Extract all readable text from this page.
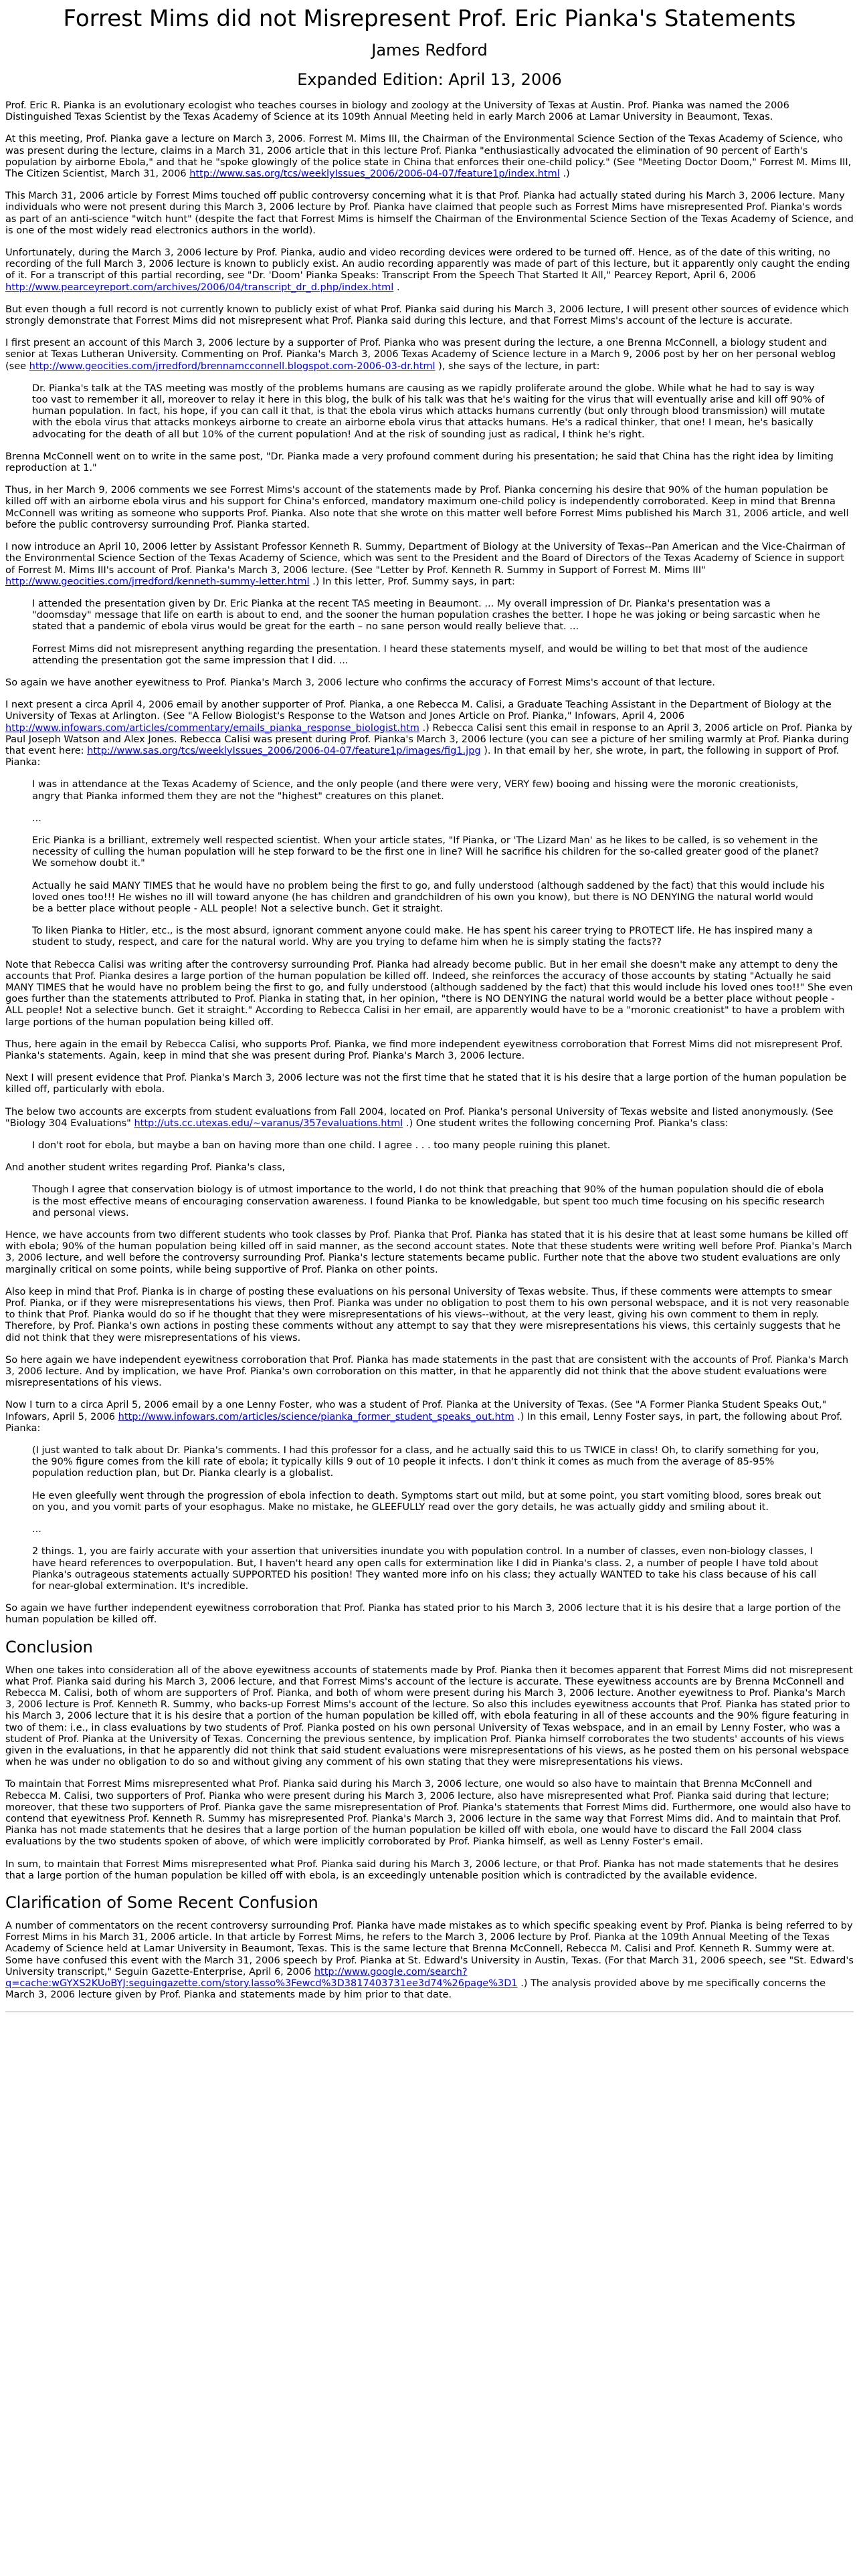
Forrest Mims did not Misrepresent Prof. Eric Pianka's Statements
James Redford
Expanded Edition: April 13, 2006

Prof. Eric R. Pianka is an evolutionary ecologist who teaches courses in biology and zoology at the University of Texas at Austin. Prof. Pianka was named the 2006 Distinguished Texas Scientist by the Texas Academy of Science at its 109th Annual Meeting held in early March 2006 at Lamar University in Beaumont, Texas.

At this meeting, Prof. Pianka gave a lecture on March 3, 2006. Forrest M. Mims III, the Chairman of the Environmental Science Section of the Texas Academy of Science, who was present during the lecture, claims in a March 31, 2006 article that in this lecture Prof. Pianka "enthusiastically advocated the elimination of 90 percent of Earth's population by airborne Ebola," and that he "spoke glowingly of the police state in China that enforces their one-child policy." (See "Meeting Doctor Doom," Forrest M. Mims III, The Citizen Scientist, March 31, 2006 http://www.sas.org/tcs/weeklyIssues_2006/2006-04-07/feature1p/index.html .)

This March 31, 2006 article by Forrest Mims touched off public controversy concerning what it is that Prof. Pianka had actually stated during his March 3, 2006 lecture. Many individuals who were not present during this March 3, 2006 lecture by Prof. Pianka have claimed that people such as Forrest Mims have misrepresented Prof. Pianka's words as part of an anti-science "witch hunt" (despite the fact that Forrest Mims is himself the Chairman of the Environmental Science Section of the Texas Academy of Science, and is one of the most widely read electronics authors in the world).

Unfortunately, during the March 3, 2006 lecture by Prof. Pianka, audio and video recording devices were ordered to be turned off. Hence, as of the date of this writing, no recording of the full March 3, 2006 lecture is known to publicly exist. An audio recording apparently was made of part of this lecture, but it apparently only caught the ending of it. For a transcript of this partial recording, see "Dr. 'Doom' Pianka Speaks: Transcript From the Speech That Started It All," Pearcey Report, April 6, 2006 http://www.pearceyreport.com/archives/2006/04/transcript_dr_d.php/index.html .

But even though a full record is not currently known to publicly exist of what Prof. Pianka said during his March 3, 2006 lecture, I will present other sources of evidence which strongly demonstrate that Forrest Mims did not misrepresent what Prof. Pianka said during this lecture, and that Forrest Mims's account of the lecture is accurate.

I first present an account of this March 3, 2006 lecture by a supporter of Prof. Pianka who was present during the lecture, a one Brenna McConnell, a biology student and senior at Texas Lutheran University. Commenting on Prof. Pianka's March 3, 2006 Texas Academy of Science lecture in a March 9, 2006 post by her on her personal weblog (see http://www.geocities.com/jrredford/brennamcconnell.blogspot.com-2006-03-dr.html ), she says of the lecture, in part:

Dr. Pianka's talk at the TAS meeting was mostly of the problems humans are causing as we rapidly proliferate around the globe. While what he had to say is way too vast to remember it all, moreover to relay it here in this blog, the bulk of his talk was that he's waiting for the virus that will eventually arise and kill off 90% of human population. In fact, his hope, if you can call it that, is that the ebola virus which attacks humans currently (but only through blood transmission) will mutate with the ebola virus that attacks monkeys airborne to create an airborne ebola virus that attacks humans. He's a radical thinker, that one! I mean, he's basically advocating for the death of all but 10% of the current population! And at the risk of sounding just as radical, I think he's right.

Brenna McConnell went on to write in the same post, "Dr. Pianka made a very profound comment during his presentation; he said that China has the right idea by limiting reproduction at 1."

Thus, in her March 9, 2006 comments we see Forrest Mims's account of the statements made by Prof. Pianka concerning his desire that 90% of the human population be killed off with an airborne ebola virus and his support for China's enforced, mandatory maximum one-child policy is independently corroborated. Keep in mind that Brenna McConnell was writing as someone who supports Prof. Pianka. Also note that she wrote on this matter well before Forrest Mims published his March 31, 2006 article, and well before the public controversy surrounding Prof. Pianka started.

I now introduce an April 10, 2006 letter by Assistant Professor Kenneth R. Summy, Department of Biology at the University of Texas--Pan American and the Vice-Chairman of the Environmental Science Section of the Texas Academy of Science, which was sent to the President and the Board of Directors of the Texas Academy of Science in support of Forrest M. Mims III's account of Prof. Pianka's March 3, 2006 lecture. (See "Letter by Prof. Kenneth R. Summy in Support of Forrest M. Mims III" http://www.geocities.com/jrredford/kenneth-summy-letter.html .) In this letter, Prof. Summy says, in part:

I attended the presentation given by Dr. Eric Pianka at the recent TAS meeting in Beaumont. ... My overall impression of Dr. Pianka's presentation was a "doomsday" message that life on earth is about to end, and the sooner the human population crashes the better. I hope he was joking or being sarcastic when he stated that a pandemic of ebola virus would be great for the earth – no sane person would really believe that. ...

Forrest Mims did not misrepresent anything regarding the presentation. I heard these statements myself, and would be willing to bet that most of the audience attending the presentation got the same impression that I did. ...

So again we have another eyewitness to Prof. Pianka's March 3, 2006 lecture who confirms the accuracy of Forrest Mims's account of that lecture.

I next present a circa April 4, 2006 email by another supporter of Prof. Pianka, a one Rebecca M. Calisi, a Graduate Teaching Assistant in the Department of Biology at the University of Texas at Arlington. (See "A Fellow Biologist's Response to the Watson and Jones Article on Prof. Pianka," Infowars, April 4, 2006 http://www.infowars.com/articles/commentary/emails_pianka_response_biologist.htm .) Rebecca Calisi sent this email in response to an April 3, 2006 article on Prof. Pianka by Paul Joseph Watson and Alex Jones. Rebecca Calisi was present during Prof. Pianka's March 3, 2006 lecture (you can see a picture of her smiling warmly at Prof. Pianka during that event here: http://www.sas.org/tcs/weeklyIssues_2006/2006-04-07/feature1p/images/fig1.jpg ). In that email by her, she wrote, in part, the following in support of Prof. Pianka:

I was in attendance at the Texas Academy of Science, and the only people (and there were very, VERY few) booing and hissing were the moronic creationists, angry that Pianka informed them they are not the "highest" creatures on this planet.

...

Eric Pianka is a brilliant, extremely well respected scientist. When your article states, "If Pianka, or 'The Lizard Man' as he likes to be called, is so vehement in the necessity of culling the human population will he step forward to be the first one in line? Will he sacrifice his children for the so-called greater good of the planet? We somehow doubt it."

Actually he said MANY TIMES that he would have no problem being the first to go, and fully understood (although saddened by the fact) that this would include his loved ones too!!! He wishes no ill will toward anyone (he has children and grandchildren of his own you know), but there is NO DENYING the natural world would be a better place without people - ALL people! Not a selective bunch. Get it straight.

To liken Pianka to Hitler, etc., is the most absurd, ignorant comment anyone could make. He has spent his career trying to PROTECT life. He has inspired many a student to study, respect, and care for the natural world. Why are you trying to defame him when he is simply stating the facts??

Note that Rebecca Calisi was writing after the controversy surrounding Prof. Pianka had already become public. But in her email she doesn't make any attempt to deny the accounts that Prof. Pianka desires a large portion of the human population be killed off. Indeed, she reinforces the accuracy of those accounts by stating "Actually he said MANY TIMES that he would have no problem being the first to go, and fully understood (although saddened by the fact) that this would include his loved ones too!!" She even goes further than the statements attributed to Prof. Pianka in stating that, in her opinion, "there is NO DENYING the natural world would be a better place without people - ALL people! Not a selective bunch. Get it straight." According to Rebecca Calisi in her email, are apparently would have to be a "moronic creationist" to have a problem with large portions of the human population being killed off.

Thus, here again in the email by Rebecca Calisi, who supports Prof. Pianka, we find more independent eyewitness corroboration that Forrest Mims did not misrepresent Prof. Pianka's statements. Again, keep in mind that she was present during Prof. Pianka's March 3, 2006 lecture.

Next I will present evidence that Prof. Pianka's March 3, 2006 lecture was not the first time that he stated that it is his desire that a large portion of the human population be killed off, particularly with ebola.

The below two accounts are excerpts from student evaluations from Fall 2004, located on Prof. Pianka's personal University of Texas website and listed anonymously. (See "Biology 304 Evaluations" http://uts.cc.utexas.edu/~varanus/357evaluations.html .) One student writes the following concerning Prof. Pianka's class:

I don't root for ebola, but maybe a ban on having more than one child. I agree . . . too many people ruining this planet.

And another student writes regarding Prof. Pianka's class,

Though I agree that conservation biology is of utmost importance to the world, I do not think that preaching that 90% of the human population should die of ebola is the most effective means of encouraging conservation awareness. I found Pianka to be knowledgable, but spent too much time focusing on his specific research and personal views.

Hence, we have accounts from two different students who took classes by Prof. Pianka that Prof. Pianka has stated that it is his desire that at least some humans be killed off with ebola; 90% of the human population being killed off in said manner, as the second account states. Note that these students were writing well before Prof. Pianka's March 3, 2006 lecture, and well before the controversy surrounding Prof. Pianka's lecture statements became public. Further note that the above two student evaluations are only marginally critical on some points, while being supportive of Prof. Pianka on other points.

Also keep in mind that Prof. Pianka is in charge of posting these evaluations on his personal University of Texas website. Thus, if these comments were attempts to smear Prof. Pianka, or if they were misrepresentations his views, then Prof. Pianka was under no obligation to post them to his own personal webspace, and it is not very reasonable to think that Prof. Pianka would do so if he thought that they were misrepresentations of his views--without, at the very least, giving his own comment to them in reply. Therefore, by Prof. Pianka's own actions in posting these comments without any attempt to say that they were misrepresentations his views, this certainly suggests that he did not think that they were misrepresentations of his views.

So here again we have independent eyewitness corroboration that Prof. Pianka has made statements in the past that are consistent with the accounts of Prof. Pianka's March 3, 2006 lecture. And by implication, we have Prof. Pianka's own corroboration on this matter, in that he apparently did not think that the above student evaluations were misrepresentations of his views.

Now I turn to a circa April 5, 2006 email by a one Lenny Foster, who was a student of Prof. Pianka at the University of Texas. (See "A Former Pianka Student Speaks Out," Infowars, April 5, 2006 http://www.infowars.com/articles/science/pianka_former_student_speaks_out.htm .) In this email, Lenny Foster says, in part, the following about Prof. Pianka:

(I just wanted to talk about Dr. Pianka's comments. I had this professor for a class, and he actually said this to us TWICE in class! Oh, to clarify something for you, the 90% figure comes from the kill rate of ebola; it typically kills 9 out of 10 people it infects. I don't think it comes as much from the average of 85-95% population reduction plan, but Dr. Pianka clearly is a globalist.

He even gleefully went through the progression of ebola infection to death. Symptoms start out mild, but at some point, you start vomiting blood, sores break out on you, and you vomit parts of your esophagus. Make no mistake, he GLEEFULLY read over the gory details, he was actually giddy and smiling about it.

...

2 things. 1, you are fairly accurate with your assertion that universities inundate you with population control. In a number of classes, even non-biology classes, I have heard references to overpopulation. But, I haven't heard any open calls for extermination like I did in Pianka's class. 2, a number of people I have told about Pianka's outrageous statements actually SUPPORTED his position! They wanted more info on his class; they actually WANTED to take his class because of his call for near-global extermination. It's incredible.

So again we have further independent eyewitness corroboration that Prof. Pianka has stated prior to his March 3, 2006 lecture that it is his desire that a large portion of the human population be killed off.

Conclusion

When one takes into consideration all of the above eyewitness accounts of statements made by Prof. Pianka then it becomes apparent that Forrest Mims did not misrepresent what Prof. Pianka said during his March 3, 2006 lecture, and that Forrest Mims's account of the lecture is accurate. These eyewitness accounts are by Brenna McConnell and Rebecca M. Calisi, both of whom are supporters of Prof. Pianka, and both of whom were present during his March 3, 2006 lecture. Another eyewitness to Prof. Pianka's March 3, 2006 lecture is Prof. Kenneth R. Summy, who backs-up Forrest Mims's account of the lecture. So also this includes eyewitness accounts that Prof. Pianka has stated prior to his March 3, 2006 lecture that it is his desire that a portion of the human population be killed off, with ebola featuring in all of these accounts and the 90% figure featuring in two of them: i.e., in class evaluations by two students of Prof. Pianka posted on his own personal University of Texas webspace, and in an email by Lenny Foster, who was a student of Prof. Pianka at the University of Texas. Concerning the previous sentence, by implication Prof. Pianka himself corroborates the two students' accounts of his views given in the evaluations, in that he apparently did not think that said student evaluations were misrepresentations of his views, as he posted them on his personal webspace when he was under no obligation to do so and without giving any comment of his own stating that they were misrepresentations his views.

To maintain that Forrest Mims misrepresented what Prof. Pianka said during his March 3, 2006 lecture, one would so also have to maintain that Brenna McConnell and Rebecca M. Calisi, two supporters of Prof. Pianka who were present during his March 3, 2006 lecture, also have misrepresented what Prof. Pianka said during that lecture; moreover, that these two supporters of Prof. Pianka gave the same misrepresentation of Prof. Pianka's statements that Forrest Mims did. Furthermore, one would also have to contend that eyewitness Prof. Kenneth R. Summy has misrepresented Prof. Pianka's March 3, 2006 lecture in the same way that Forrest Mims did. And to maintain that Prof. Pianka has not made statements that he desires that a large portion of the human population be killed off with ebola, one would have to discard the Fall 2004 class evaluations by the two students spoken of above, of which were implicitly corroborated by Prof. Pianka himself, as well as Lenny Foster's email.

In sum, to maintain that Forrest Mims misrepresented what Prof. Pianka said during his March 3, 2006 lecture, or that Prof. Pianka has not made statements that he desires that a large portion of the human population be killed off with ebola, is an exceedingly untenable position which is contradicted by the available evidence.

Clarification of Some Recent Confusion

A number of commentators on the recent controversy surrounding Prof. Pianka have made mistakes as to which specific speaking event by Prof. Pianka is being referred to by Forrest Mims in his March 31, 2006 article. In that article by Forrest Mims, he refers to the March 3, 2006 lecture by Prof. Pianka at the 109th Annual Meeting of the Texas Academy of Science held at Lamar University in Beaumont, Texas. This is the same lecture that Brenna McConnell, Rebecca M. Calisi and Prof. Kenneth R. Summy were at. Some have confused this event with the March 31, 2006 speech by Prof. Pianka at St. Edward's University in Austin, Texas. (For that March 31, 2006 speech, see "St. Edward's University transcript," Seguin Gazette-Enterprise, April 6, 2006 http://www.google.com/search?q=cache:wGYXS2KUoBYJ:seguingazette.com/story.lasso%3Fewcd%3D3817403731ee3d74%26page%3D1 .) The analysis provided above by me specifically concerns the March 3, 2006 lecture given by Prof. Pianka and statements made by him prior to that date.
